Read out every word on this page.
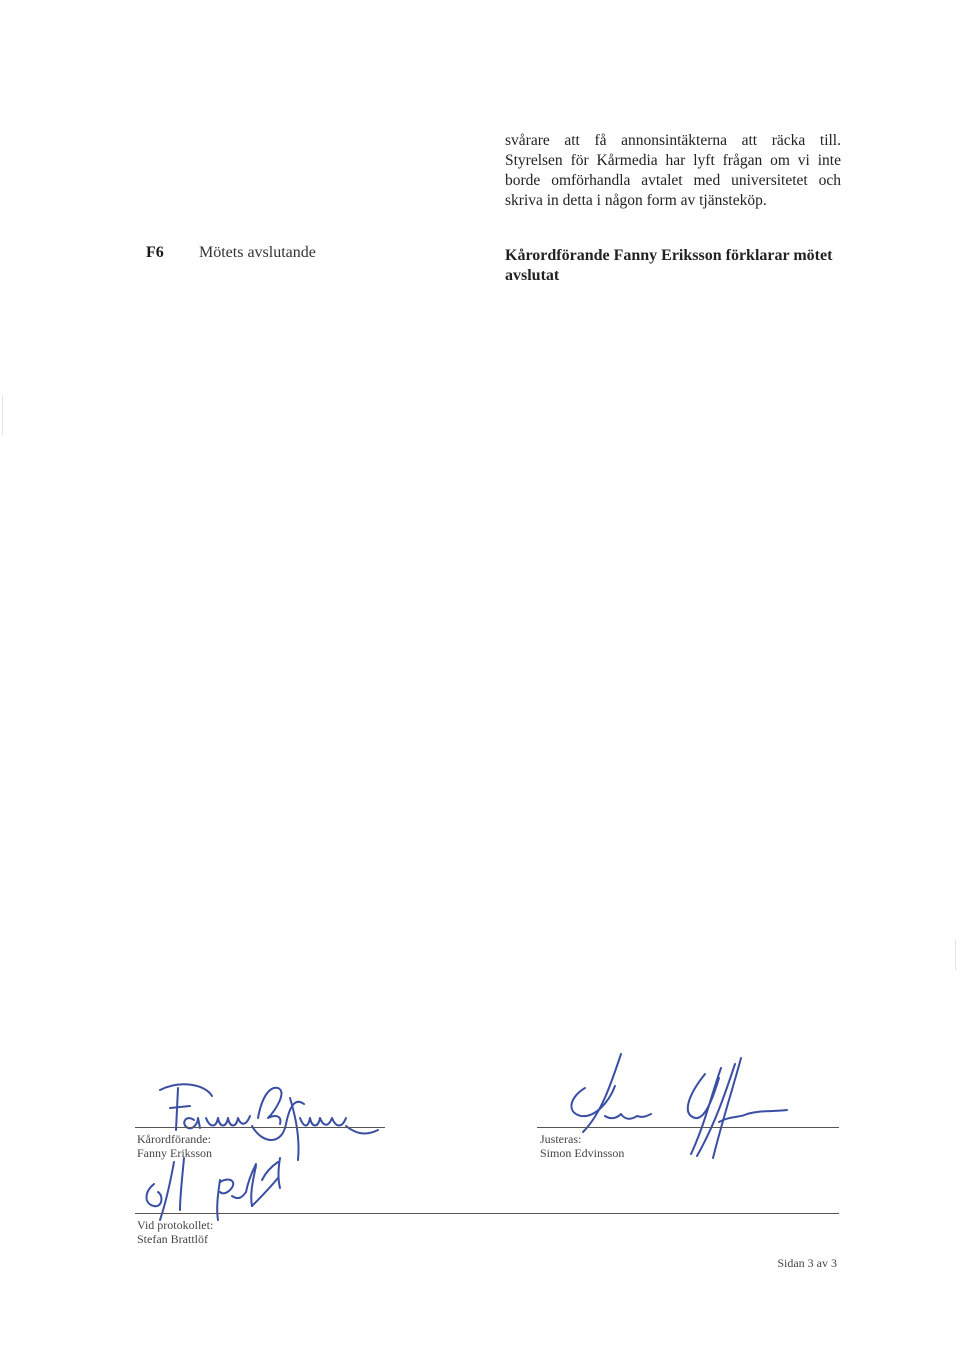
svårare att få annonsintäkterna att räcka till.

Styrelsen för Kårmedia har lyft frågan om vi inte

borde omförhandla avtalet med universitetet och

skriva in detta i någon form av tjänsteköp.

F6 Mötets avslutande	Kårordförande Fanny Eriksson förklarar mötet avslutat
Kårordförande:
Fanny Eriksson
Justeras:
Simon Edvinsson
Vid protokollet:
Stefan Brattlöf
Sidan 3 av 3
